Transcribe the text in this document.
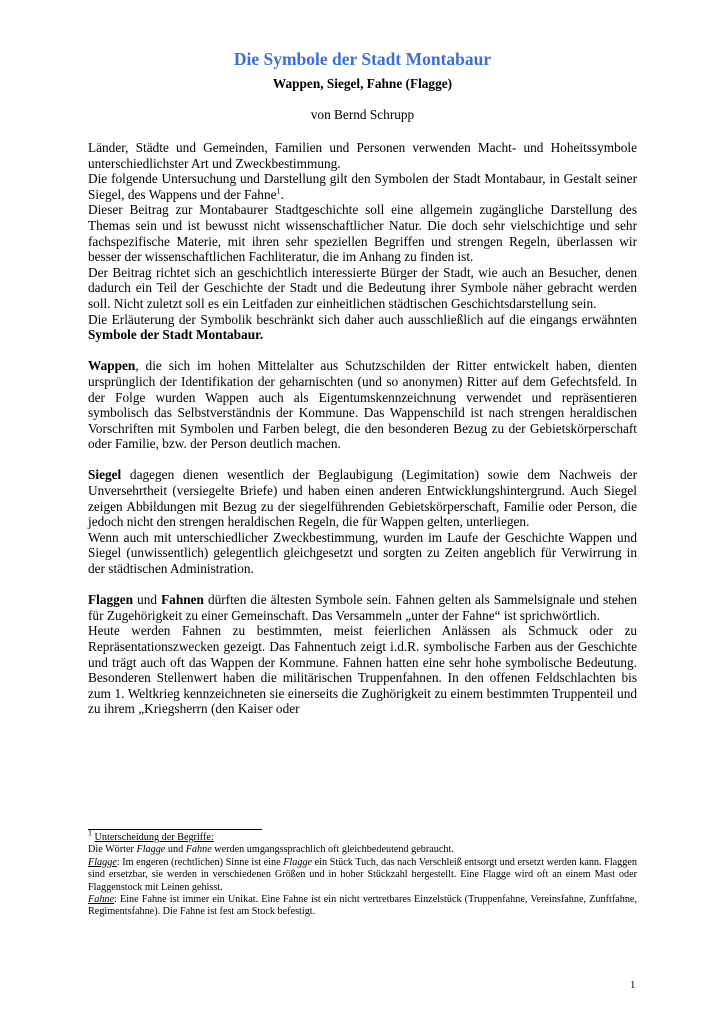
Die Symbole der Stadt Montabaur

Wappen, Siegel, Fahne (Flagge)

von Bernd Schrupp

Länder, Städte und Gemeinden, Familien und Personen verwenden Macht- und Hoheitssymbole unterschiedlichster Art und Zweckbestimmung.

Die folgende Untersuchung und Darstellung gilt den Symbolen der Stadt Montabaur, in Gestalt seiner Siegel, des Wappens und der Fahne$^1$.

Dieser Beitrag zur Montabaurer Stadtgeschichte soll eine allgemein zugängliche Darstellung des Themas sein und ist bewusst nicht wissenschaftlicher Natur. Die doch sehr vielschichtige und sehr fachspezifische Materie, mit ihren sehr speziellen Begriffen und strengen Regeln, überlassen wir besser der wissenschaftlichen Fachliteratur, die im Anhang zu finden ist.

Der Beitrag richtet sich an geschichtlich interessierte Bürger der Stadt, wie auch an Besucher, denen dadurch ein Teil der Geschichte der Stadt und die Bedeutung ihrer Symbole näher gebracht werden soll. Nicht zuletzt soll es ein Leitfaden zur einheitlichen städtischen Geschichtsdarstellung sein.

Die Erläuterung der Symbolik beschränkt sich daher auch ausschließlich auf die eingangs erwähnten Symbole der Stadt Montabaur.

Wappen, die sich im hohen Mittelalter aus Schutzschilden der Ritter entwickelt haben, dienten ursprünglich der Identifikation der geharnischten (und so anonymen) Ritter auf dem Gefechtsfeld. In der Folge wurden Wappen auch als Eigentumskennzeichnung verwendet und repräsentieren symbolisch das Selbstverständnis der Kommune. Das Wappenschild ist nach strengen heraldischen Vorschriften mit Symbolen und Farben belegt, die den besonderen Bezug zu der Gebietskörperschaft oder Familie, bzw. der Person deutlich machen.

Siegel dagegen dienen wesentlich der Beglaubigung (Legimitation) sowie dem Nachweis der Unversehrtheit (versiegelte Briefe) und haben einen anderen Entwicklungshintergrund. Auch Siegel zeigen Abbildungen mit Bezug zu der siegelführenden Gebietskörperschaft, Familie oder Person, die jedoch nicht den strengen heraldischen Regeln, die für Wappen gelten, unterliegen.

Wenn auch mit unterschiedlicher Zweckbestimmung, wurden im Laufe der Geschichte Wappen und Siegel (unwissentlich) gelegentlich gleichgesetzt und sorgten zu Zeiten angeblich für Verwirrung in der städtischen Administration.

Flaggen und Fahnen dürften die ältesten Symbole sein. Fahnen gelten als Sammelsignale und stehen für Zugehörigkeit zu einer Gemeinschaft. Das Versammeln „unter der Fahne“ ist sprichwörtlich.

Heute werden Fahnen zu bestimmten, meist feierlichen Anlässen als Schmuck oder zu Repräsentationszwecken gezeigt. Das Fahnentuch zeigt i.d.R. symbolische Farben aus der Geschichte und trägt auch oft das Wappen der Kommune. Fahnen hatten eine sehr hohe symbolische Bedeutung. Besonderen Stellenwert haben die militärischen Truppenfahnen. In den offenen Feldschlachten bis zum 1. Weltkrieg kennzeichneten sie einerseits die Zughörigkeit zu einem bestimmten Truppenteil und zu ihrem „Kriegsherrn (den Kaiser oder

$^1$ Unterscheidung der Begriffe:

Die Wörter Flagge und Fahne werden umgangssprachlich oft gleichbedeutend gebraucht.

Flagge: Im engeren (rechtlichen) Sinne ist eine Flagge ein Stück Tuch, das nach Verschleiß entsorgt und ersetzt werden kann. Flaggen sind ersetzbar, sie werden in verschiedenen Größen und in hoher Stückzahl hergestellt. Eine Flagge wird oft an einem Mast oder Flaggenstock mit Leinen gehisst.

Fahne: Eine Fahne ist immer ein Unikat. Eine Fahne ist ein nicht vertretbares Einzelstück (Truppenfahne, Vereinsfahne, Zunftfahne, Regimentsfahne). Die Fahne ist fest am Stock befestigt.

1
